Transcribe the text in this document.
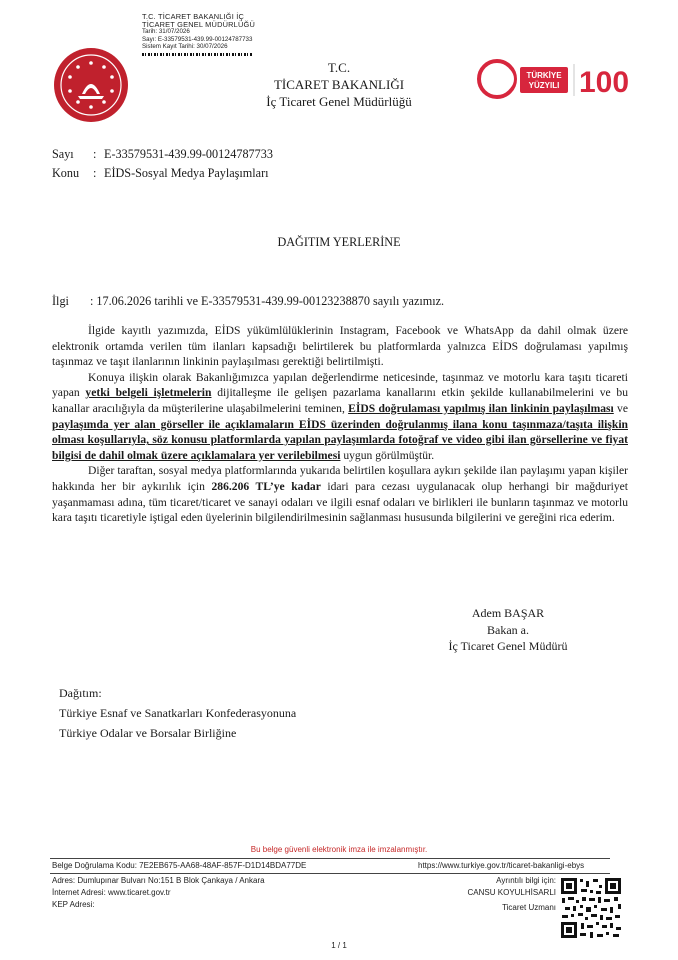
T.C. TİCARET BAKANLIĞI İÇ
TİCARET GENEL MÜDÜRLÜĞÜ
Tarih: 31/07/2026
Sayı: E-33579531-439.99-00124787733
Sistem Kayıt Tarihi: 30/07/2026
TÜRKİYE
YÜZYILI 100
T.C.
TİCARET BAKANLIĞI
İç Ticaret Genel Müdürlüğü
Sayı : E-33579531-439.99-00124787733
Konu : EİDS-Sosyal Medya Paylaşımları
DAĞITIM YERLERİNE
İlgi : 17.06.2026 tarihli ve E-33579531-439.99-00123238870 sayılı yazımız.

İlgide kayıtlı yazımızda, EİDS yükümlülüklerinin Instagram, Facebook ve WhatsApp da dahil olmak üzere elektronik ortamda verilen tüm ilanları kapsadığı belirtilerek bu platformlarda yalnızca EİDS doğrulaması yapılmış taşınmaz ve taşıt ilanlarının linkinin paylaşılması gerektiği belirtilmişti.

Konuya ilişkin olarak Bakanlığımızca yapılan değerlendirme neticesinde, taşınmaz ve motorlu kara taşıtı ticareti yapan yetki belgeli işletmelerin dijitalleşme ile gelişen pazarlama kanallarını etkin şekilde kullanabilmelerini ve bu kanallar aracılığıyla da müşterilerine ulaşabilmelerini teminen, EİDS doğrulaması yapılmış ilan linkinin paylaşılması ve paylaşımda yer alan görseller ile açıklamaların EİDS üzerinden doğrulanmış ilana konu taşınmaza/taşıta ilişkin olması koşullarıyla, söz konusu platformlarda yapılan paylaşımlarda fotoğraf ve video gibi ilan görsellerine ve fiyat bilgisi de dahil olmak üzere açıklamalara yer verilebilmesi uygun görülmüştür.

Diğer taraftan, sosyal medya platformlarında yukarıda belirtilen koşullara aykırı şekilde ilan paylaşımı yapan kişiler hakkında her bir aykırılık için 286.206 TL’ye kadar idari para cezası uygulanacak olup herhangi bir mağduriyet yaşanmaması adına, tüm ticaret/ticaret ve sanayi odaları ve ilgili esnaf odaları ve birlikleri ile bunların taşınmaz ve motorlu kara taşıtı ticaretiyle iştigal eden üyelerinin bilgilendirilmesinin sağlanması hususunda bilgilerini ve gereğini rica ederim.

Adem BAŞAR
Bakan a.
İç Ticaret Genel Müdürü
Dağıtım:
Türkiye Esnaf ve Sanatkarları Konfederasyonuna
Türkiye Odalar ve Borsalar Birliğine
Bu belge güvenli elektronik imza ile imzalanmıştır.
Belge Doğrulama Kodu: 7E2EB675-AA68-48AF-857F-D1D14BDA77DE	https://www.turkiye.gov.tr/ticaret-bakanligi-ebys
Adres: Dumlupınar Bulvarı No:151 B Blok Çankaya / Ankara
İnternet Adresi: www.ticaret.gov.tr
KEP Adresi:
Ayrıntılı bilgi için:
CANSU KOYULHİSARLI
Ticaret Uzmanı
1 / 1
